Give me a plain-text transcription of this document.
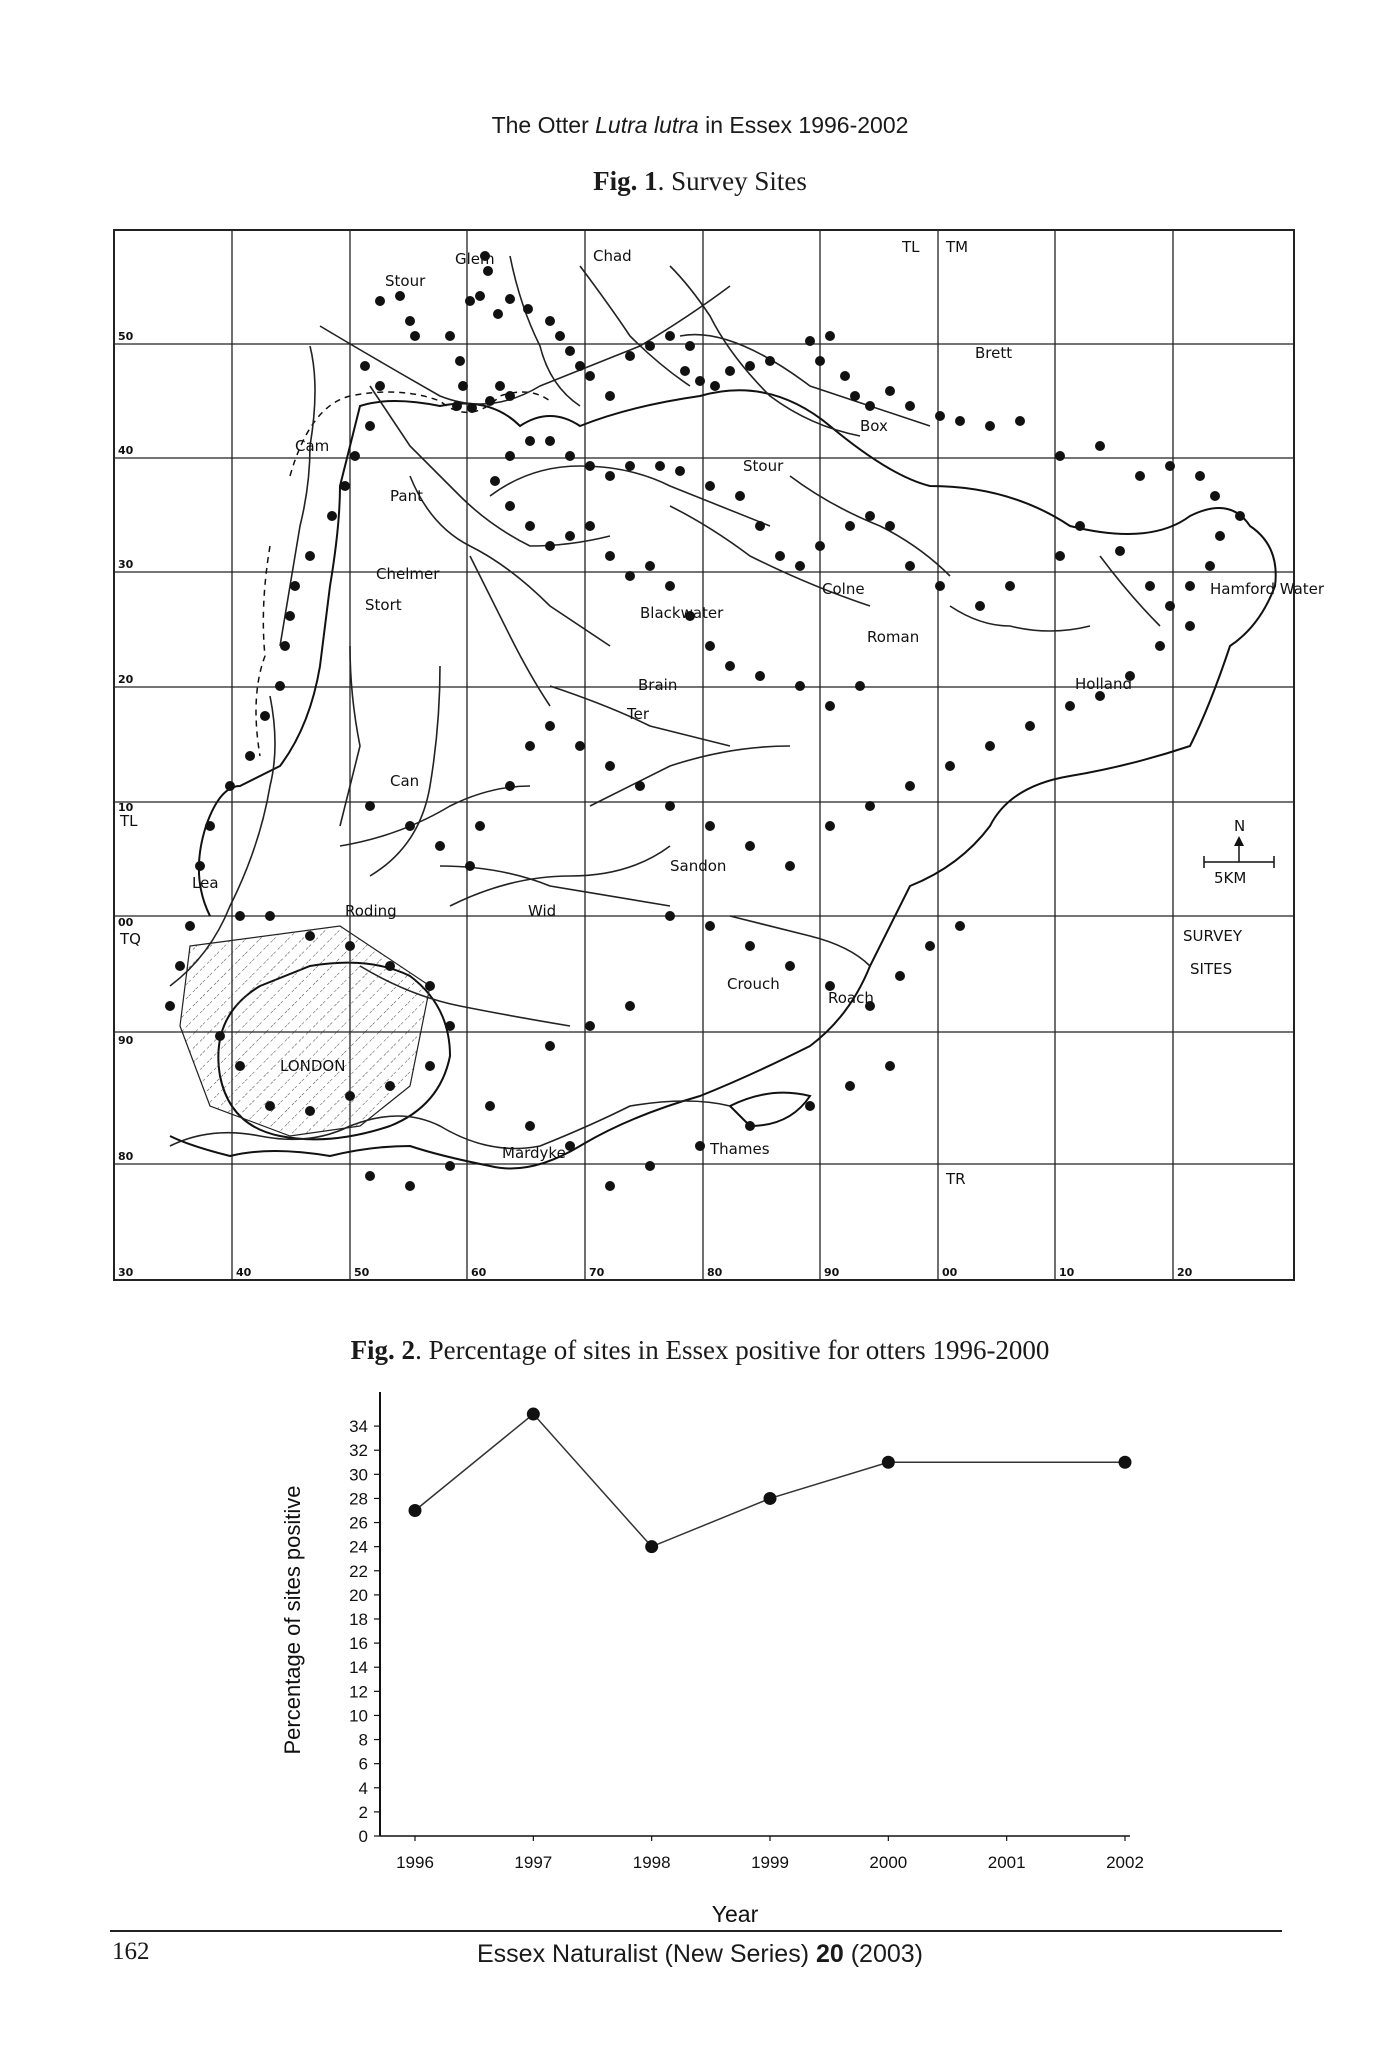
The Otter Lutra lutra in Essex 1996-2002
Fig. 1. Survey Sites
Stour
Glem	Chad
Brett
Box
Cam
Pant
Stour
Chelmer
Colne
Stort	Blackwater
Roman
Brain	Holland
Ter
Can
Sandon
Lea
Roding	Wid
Crouch
Roach
Mardyke	Thames
Hamford Water
LONDON
TL TM
TL
TQ
TR
50
40
30
20
10
00
90
80
30	40	50	60	70	80	90	00	10	20
N
5KM
SURVEY
SITES
Fig. 2. Percentage of sites in Essex positive for otters 1996-2000
0
2
4
6
8
10
12
14
16
18
20
22
24
26
28
30
32
34
1996	1997	1998	1999	2000	2001	2002
Year
Percentage of sites positive
162	Essex Naturalist (New Series) 20 (2003)
